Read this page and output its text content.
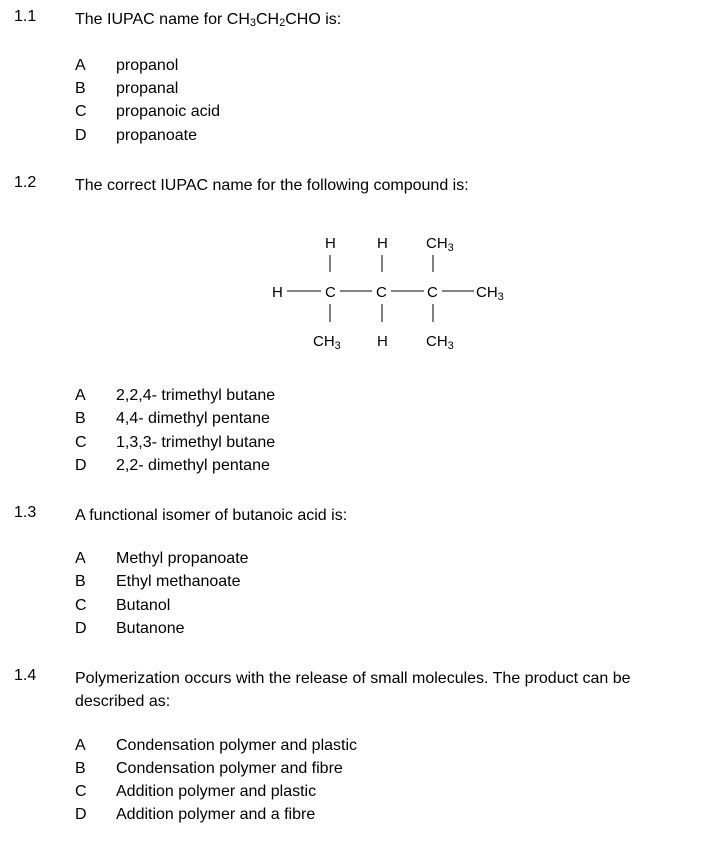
1.1 The IUPAC name for CH3CH2CHO is:
A propanol
B propanal
C propanoic acid
D propanoate
1.2 The correct IUPAC name for the following compound is:
H	H	$CH_3$
H	C	C	C	$CH_3$
$CH_3$ H	$CH_3$
A 2,2,4- trimethyl butane
B 4,4- dimethyl pentane
C 1,3,3- trimethyl butane
D 2,2- dimethyl pentane
1.3 A functional isomer of butanoic acid is:
A Methyl propanoate
B Ethyl methanoate
C Butanol
D Butanone
1.4 Polymerization occurs with the release of small molecules. The product can be described as:
A Condensation polymer and plastic
B Condensation polymer and fibre
C Addition polymer and plastic
D Addition polymer and a fibre
